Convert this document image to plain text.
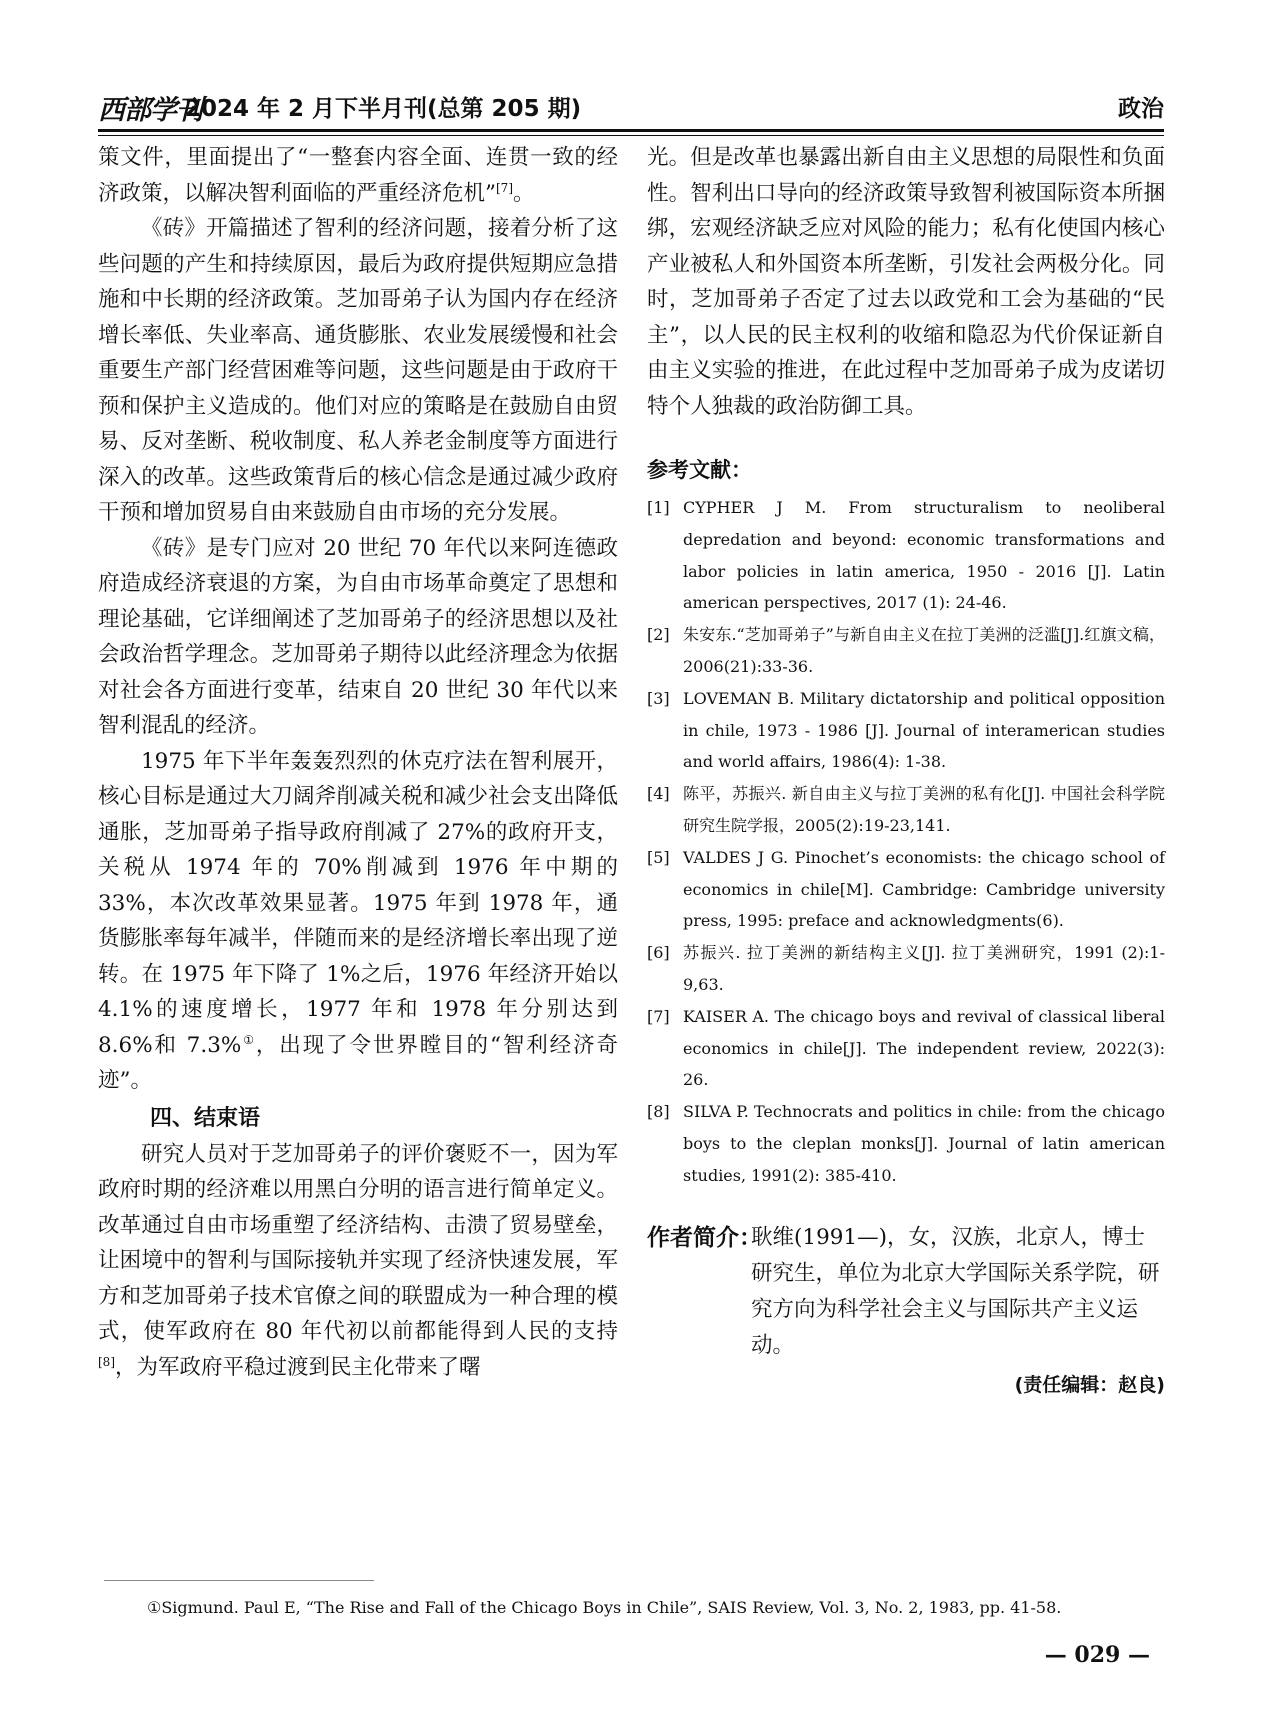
西部学刊
2024 年 2 月下半月刊(总第 205 期)	政治

策文件，里面提出了“一整套内容全面、连贯一致的经济政策，以解决智利面临的严重经济危机”[7]。

《砖》开篇描述了智利的经济问题，接着分析了这些问题的产生和持续原因，最后为政府提供短期应急措施和中长期的经济政策。芝加哥弟子认为国内存在经济增长率低、失业率高、通货膨胀、农业发展缓慢和社会重要生产部门经营困难等问题，这些问题是由于政府干预和保护主义造成的。他们对应的策略是在鼓励自由贸易、反对垄断、税收制度、私人养老金制度等方面进行深入的改革。这些政策背后的核心信念是通过减少政府干预和增加贸易自由来鼓励自由市场的充分发展。

《砖》是专门应对 20 世纪 70 年代以来阿连德政府造成经济衰退的方案，为自由市场革命奠定了思想和理论基础，它详细阐述了芝加哥弟子的经济思想以及社会政治哲学理念。芝加哥弟子期待以此经济理念为依据对社会各方面进行变革，结束自 20 世纪 30 年代以来智利混乱的经济。

1975 年下半年轰轰烈烈的休克疗法在智利展开，核心目标是通过大刀阔斧削减关税和减少社会支出降低通胀，芝加哥弟子指导政府削减了 27%的政府开支，关税从 1974 年的 70%削减到 1976 年中期的 33%，本次改革效果显著。1975 年到 1978 年，通货膨胀率每年减半，伴随而来的是经济增长率出现了逆转。在 1975 年下降了 1%之后，1976 年经济开始以 4.1%的速度增长，1977 年和 1978 年分别达到 8.6%和 7.3%①，出现了令世界瞠目的“智利经济奇迹”。

四、结束语

研究人员对于芝加哥弟子的评价褒贬不一，因为军政府时期的经济难以用黑白分明的语言进行简单定义。改革通过自由市场重塑了经济结构、击溃了贸易壁垒，让困境中的智利与国际接轨并实现了经济快速发展，军方和芝加哥弟子技术官僚之间的联盟成为一种合理的模式，使军政府在 80 年代初以前都能得到人民的支持[8]，为军政府平稳过渡到民主化带来了曙

光。但是改革也暴露出新自由主义思想的局限性和负面性。智利出口导向的经济政策导致智利被国际资本所捆绑，宏观经济缺乏应对风险的能力；私有化使国内核心产业被私人和外国资本所垄断，引发社会两极分化。同时，芝加哥弟子否定了过去以政党和工会为基础的“民主”，以人民的民主权利的收缩和隐忍为代价保证新自由主义实验的推进，在此过程中芝加哥弟子成为皮诺切特个人独裁的政治防御工具。

参考文献：

[1] CYPHER J M. From structuralism to neoliberal depredation and beyond: economic transformations and labor policies in latin america, 1950 - 2016 [J]. Latin american perspectives, 2017 (1): 24-46.

[2] 朱安东.“芝加哥弟子”与新自由主义在拉丁美洲的泛滥[J].红旗文稿，2006(21):33-36.

[3] LOVEMAN B. Military dictatorship and political opposition in chile, 1973 - 1986 [J]. Journal of interamerican studies and world affairs, 1986(4): 1-38.

[4] 陈平，苏振兴. 新自由主义与拉丁美洲的私有化[J]. 中国社会科学院研究生院学报，2005(2):19-23,141.

[5] VALDES J G. Pinochet’s economists: the chicago school of economics in chile[M]. Cambridge: Cambridge university press, 1995: preface and acknowledgments(6).

[6] 苏振兴. 拉丁美洲的新结构主义[J]. 拉丁美洲研究，1991 (2):1-9,63.

[7] KAISER A. The chicago boys and revival of classical liberal economics in chile[J]. The independent review, 2022(3): 26.

[8] SILVA P. Technocrats and politics in chile: from the chicago boys to the cleplan monks[J]. Journal of latin american studies, 1991(2): 385-410.

作者简介：
耿维(1991—)，女，汉族，北京人，博士研究生，单位为北京大学国际关系学院，研究方向为科学社会主义与国际共产主义运动。
(责任编辑：赵良)
①Sigmund. Paul E, “The Rise and Fall of the Chicago Boys in Chile”, SAIS Review, Vol. 3, No. 2, 1983, pp. 41-58.
— 029 —
